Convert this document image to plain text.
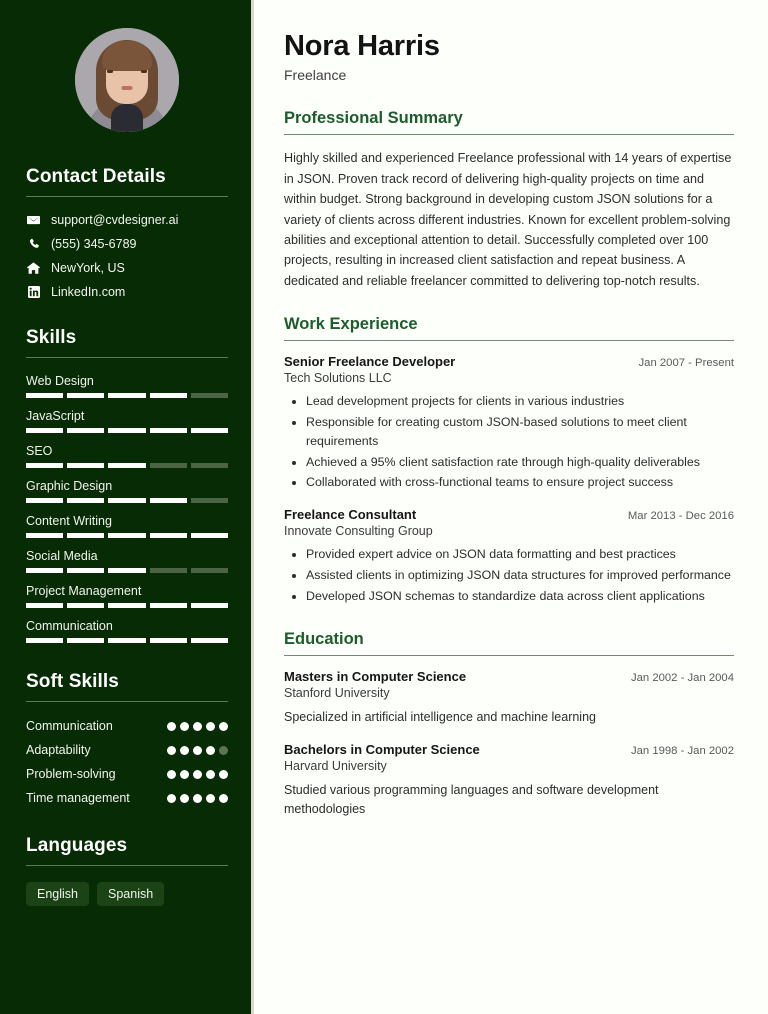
Contact Details
support@cvdesigner.ai
(555) 345-6789
NewYork, US
LinkedIn.com
Skills
Web Design
JavaScript
SEO
Graphic Design
Content Writing
Social Media
Project Management
Communication
Soft Skills
Communication
Adaptability
Problem-solving
Time management
Languages
English	Spanish
Nora Harris
Freelance
Professional Summary

Highly skilled and experienced Freelance professional with 14 years of expertise in JSON. Proven track record of delivering high-quality projects on time and within budget. Strong background in developing custom JSON solutions for a variety of clients across different industries. Known for excellent problem-solving abilities and exceptional attention to detail. Successfully completed over 100 projects, resulting in increased client satisfaction and repeat business. A dedicated and reliable freelancer committed to delivering top-notch results.

Work Experience
Senior Freelance Developer	Jan 2007 - Present
Tech Solutions LLC
• Lead development projects for clients in various industries
• Responsible for creating custom JSON-based solutions to meet client requirements
• Achieved a 95% client satisfaction rate through high-quality deliverables
• Collaborated with cross-functional teams to ensure project success
Freelance Consultant	Mar 2013 - Dec 2016
Innovate Consulting Group
• Provided expert advice on JSON data formatting and best practices
• Assisted clients in optimizing JSON data structures for improved performance
• Developed JSON schemas to standardize data across client applications
Education
Masters in Computer Science	Jan 2002 - Jan 2004
Stanford University
Specialized in artificial intelligence and machine learning
Bachelors in Computer Science	Jan 1998 - Jan 2002
Harvard University
Studied various programming languages and software development methodologies
